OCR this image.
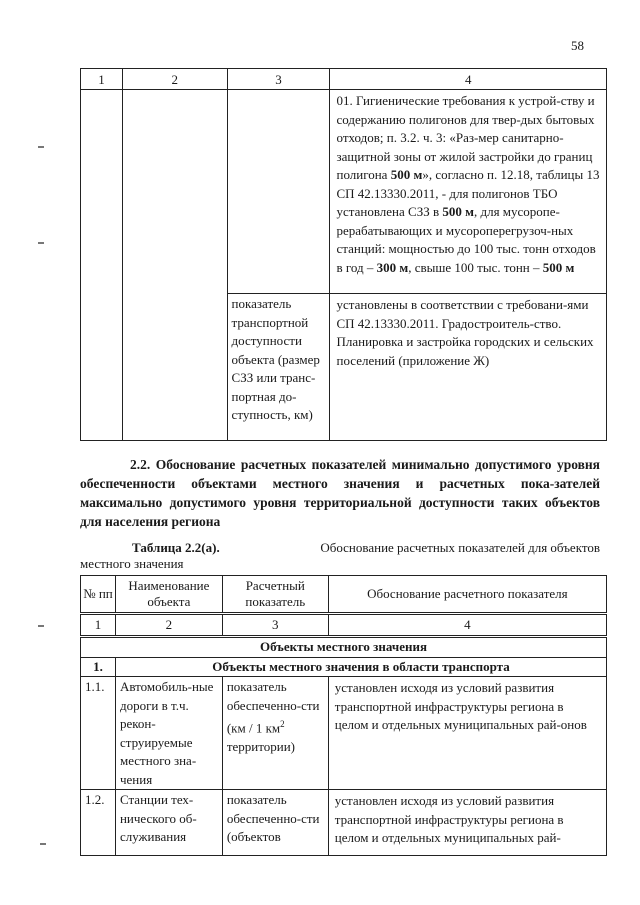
58
1	2	3	4
			01. Гигиенические требования к устрой-ству и содержанию полигонов для твер-дых бытовых отходов; п. 3.2. ч. 3: «Раз-мер санитарно-защитной зоны от жилой застройки до границ полигона 500 м», согласно п. 12.18, таблицы 13 СП 42.13330.2011, - для полигонов ТБО установлена СЗЗ в 500 м, для мусоропе-рерабатывающих и мусороперегрузоч-ных станций: мощностью до 100 тыс. тонн отходов в год – 300 м, свыше 100 тыс. тонн – 500 м
		показатель транспортной доступности объекта (размер СЗЗ или транс-портная до-ступность, км)	установлены в соответствии с требовани-ями СП 42.13330.2011. Градостроитель-ство. Планировка и застройка городских и сельских поселений (приложение Ж)
2.2. Обоснование расчетных показателей минимально допустимого уровня обеспеченности объектами местного значения и расчетных пока-зателей максимально допустимого уровня территориальной доступности таких объектов для населения региона
Таблица 2.2(а).	Обоснование расчетных показателей для объектов
местного значения
№ пп	Наименование объекта	Расчетный показатель	Обоснование расчетного показателя
1	2	3	4
Объекты местного значения			
1.	Объекты местного значения в области транспорта		
1.1.	Автомобиль-ные дороги в т.ч. рекон-струируемые местного зна-чения	показатель обеспеченно-сти (км / 1 $км^2$ территории)	установлен исходя из условий развития транспортной инфраструктуры региона в целом и отдельных муниципальных рай-онов
1.2.	Станции тех-нического об-служивания	показатель обеспеченно-сти (объектов	установлен исходя из условий развития транспортной инфраструктуры региона в целом и отдельных муниципальных рай-
